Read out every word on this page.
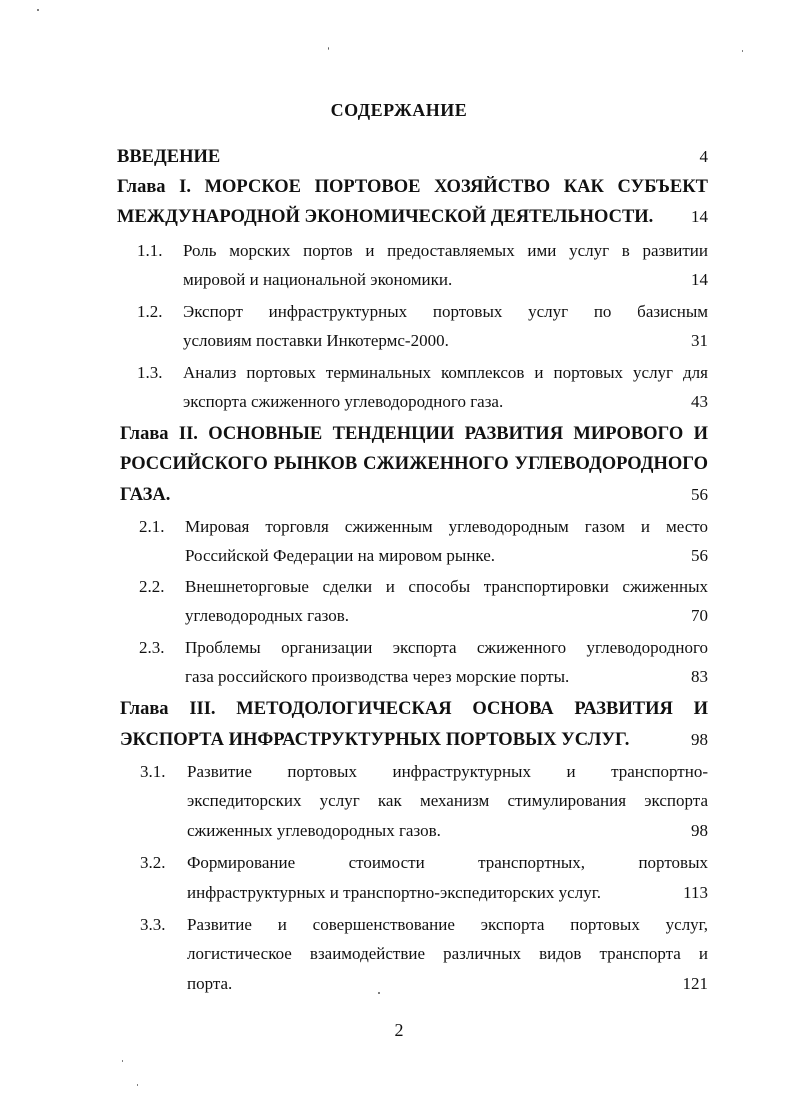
СОДЕРЖАНИЕ
ВВЕДЕНИЕ	4
Глава I. МОРСКОЕ ПОРТОВОЕ ХОЗЯЙСТВО КАК СУБЪЕКТ
МЕЖДУНАРОДНОЙ ЭКОНОМИЧЕСКОЙ ДЕЯТЕЛЬНОСТИ. 14
1.1. Роль морских портов и предоставляемых ими услуг в развитии
мировой и национальной экономики.	14
1.2. Экспорт инфраструктурных портовых услуг по базисным
условиям поставки Инкотермс-2000.	31
1.3. Анализ портовых терминальных комплексов и портовых услуг для
экспорта сжиженного углеводородного газа.	43
Глава II. ОСНОВНЫЕ ТЕНДЕНЦИИ РАЗВИТИЯ МИРОВОГО И
РОССИЙСКОГО РЫНКОВ СЖИЖЕННОГО УГЛЕВОДОРОДНОГО
ГАЗА.	56
2.1. Мировая торговля сжиженным углеводородным газом и место
Российской Федерации на мировом рынке.	56
2.2. Внешнеторговые сделки и способы транспортировки сжиженных
углеводородных газов.	70
2.3. Проблемы организации экспорта сжиженного углеводородного
газа российского производства через морские порты.	83
Глава III. МЕТОДОЛОГИЧЕСКАЯ ОСНОВА РАЗВИТИЯ И
ЭКСПОРТА ИНФРАСТРУКТУРНЫХ ПОРТОВЫХ УСЛУГ.	98
3.1. Развитие портовых инфраструктурных и транспортно-
экспедиторских услуг как механизм стимулирования экспорта
сжиженных углеводородных газов.	98
3.2. Формирование стоимости транспортных, портовых
инфраструктурных и транспортно-экспедиторских услуг.	113
3.3. Развитие и совершенствование экспорта портовых услуг,
логистическое взаимодействие различных видов транспорта и
порта.	121
2
